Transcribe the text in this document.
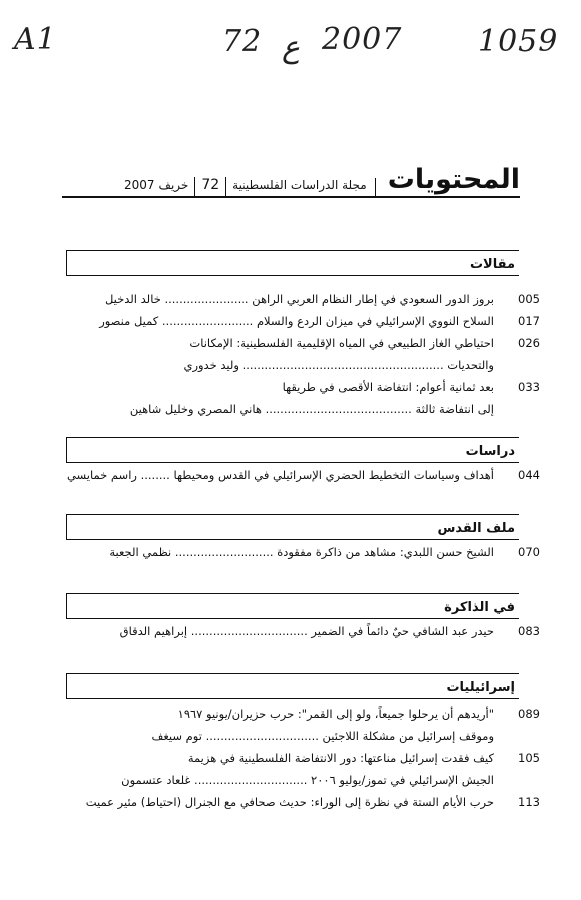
A1	72 ع 2007	1059
المحتويات
مجلة الدراسات الفلسطينية
72
خريف
2007
مقالات
005
بروز الدور السعودي في إطار النظام العربي الراهن ....................... خالد الدخيل
017
السلاح النووي الإسرائيلي في ميزان الردع والسلام ......................... كميل منصور
026
احتياطي الغاز الطبيعي في المياه الإقليمية الفلسطينية: الإمكانات
والتحديات ....................................................... وليد خدوري
033
بعد ثمانية أعوام: انتفاضة الأقصى في طريقها
إلى انتفاضة ثالثة ........................................ هاني المصري وخليل شاهين
دراسات
044
أهداف وسياسات التخطيط الحضري الإسرائيلي في القدس ومحيطها ........ راسم خمايسي
ملف القدس
070
الشيخ حسن اللبدي: مشاهد من ذاكرة مفقودة ........................... نظمي الجعبة
في الذاكرة
083
حيدر عبد الشافي حيٌ دائماً في الضمير ................................ إبراهيم الدقاق
إسرائيليات
089
"أريدهم أن يرحلوا جميعاً، ولو إلى القمر": حرب حزيران/يونيو ١٩٦٧
وموقف إسرائيل من مشكلة اللاجئين ............................... توم سيغف
105
كيف فقدت إسرائيل مناعتها: دور الانتفاضة الفلسطينية في هزيمة
الجيش الإسرائيلي في تموز/يوليو ٢٠٠٦ ............................... غلعاد عتسمون
113
حرب الأيام الستة في نظرة إلى الوراء: حديث صحافي مع الجنرال (احتياط) مئير عميت
